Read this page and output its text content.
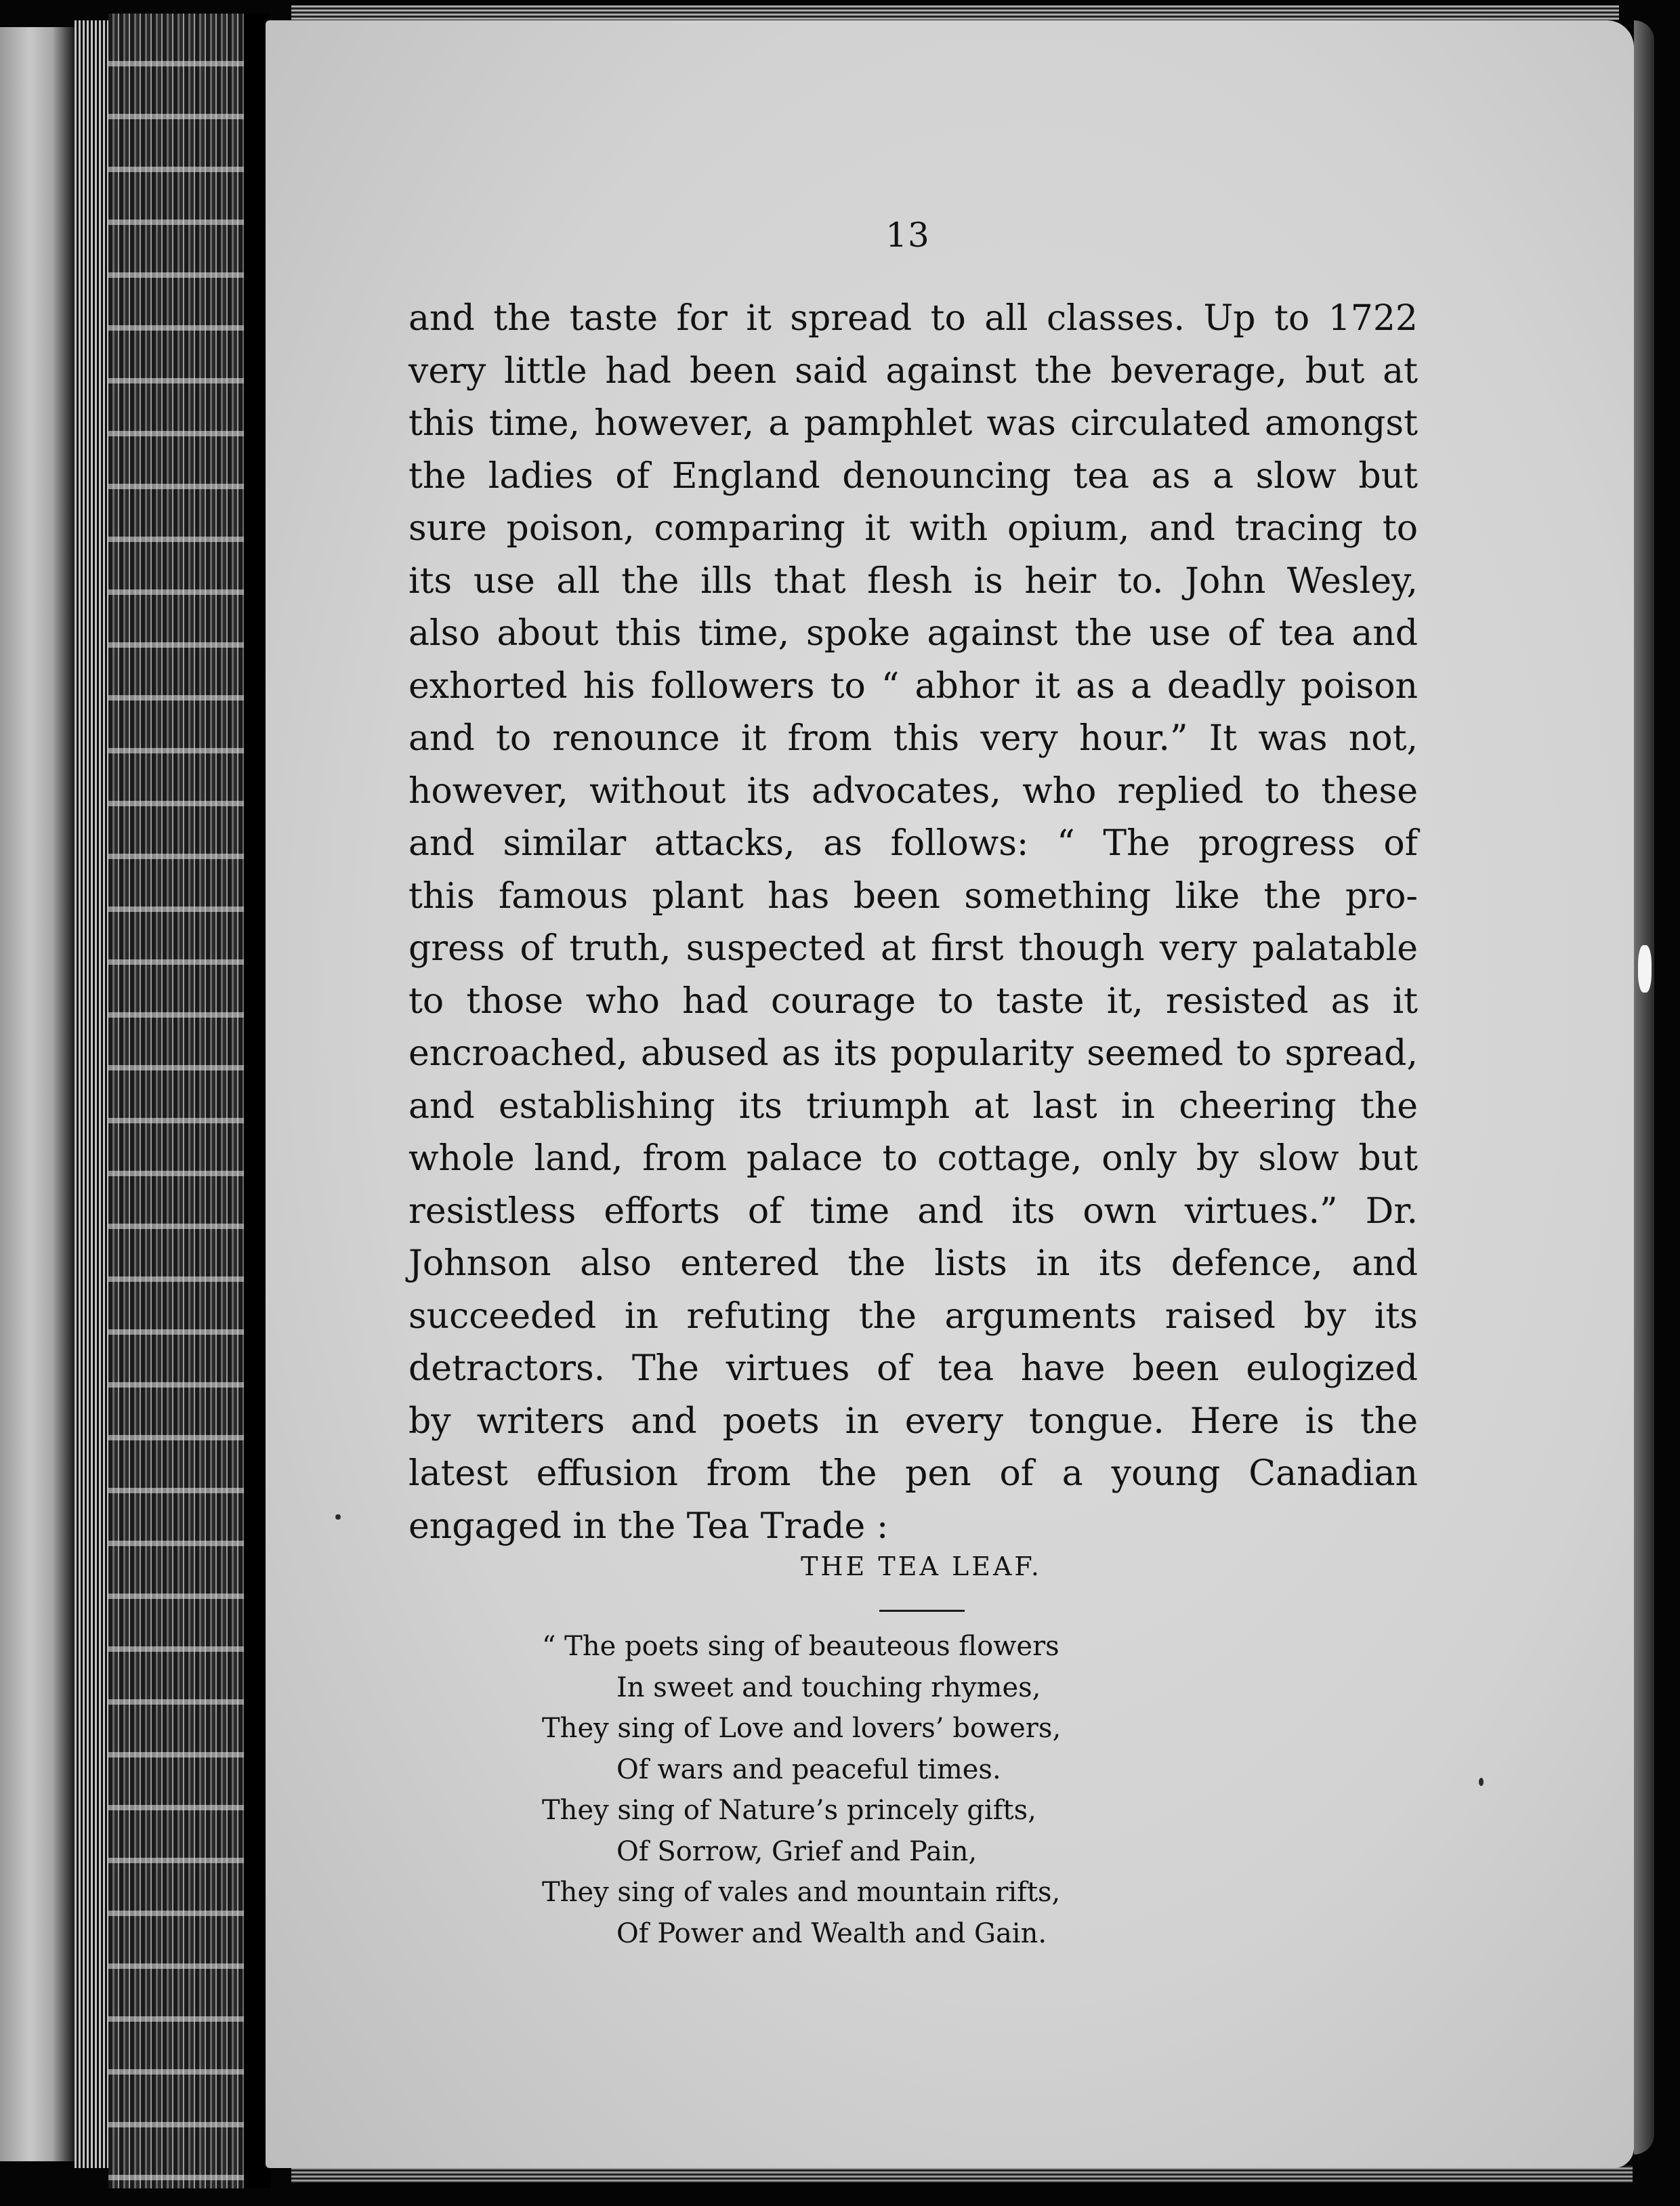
13
and the taste for it spread to all classes. Up to 1722
very little had been said against the beverage, but at
this time, however, a pamphlet was circulated amongst
the ladies of England denouncing tea as a slow but
sure poison, comparing it with opium, and tracing to
its use all the ills that flesh is heir to. John Wesley,
also about this time, spoke against the use of tea and
exhorted his followers to “ abhor it as a deadly poison
and to renounce it from this very hour.” It was not,
however, without its advocates, who replied to these
and similar attacks, as follows: “ The progress of
this famous plant has been something like the pro-
gress of truth, suspected at first though very palatable
to those who had courage to taste it, resisted as it
encroached, abused as its popularity seemed to spread,
and establishing its triumph at last in cheering the
whole land, from palace to cottage, only by slow but
resistless efforts of time and its own virtues.” Dr.
Johnson also entered the lists in its defence, and
succeeded in refuting the arguments raised by its
detractors. The virtues of tea have been eulogized
by writers and poets in every tongue. Here is the
latest effusion from the pen of a young Canadian
engaged in the Tea Trade :
THE TEA LEAF.
“ The poets sing of beauteous flowers
In sweet and touching rhymes,
They sing of Love and lovers’ bowers,
Of wars and peaceful times.
They sing of Nature’s princely gifts,
Of Sorrow, Grief and Pain,
They sing of vales and mountain rifts,
Of Power and Wealth and Gain.
